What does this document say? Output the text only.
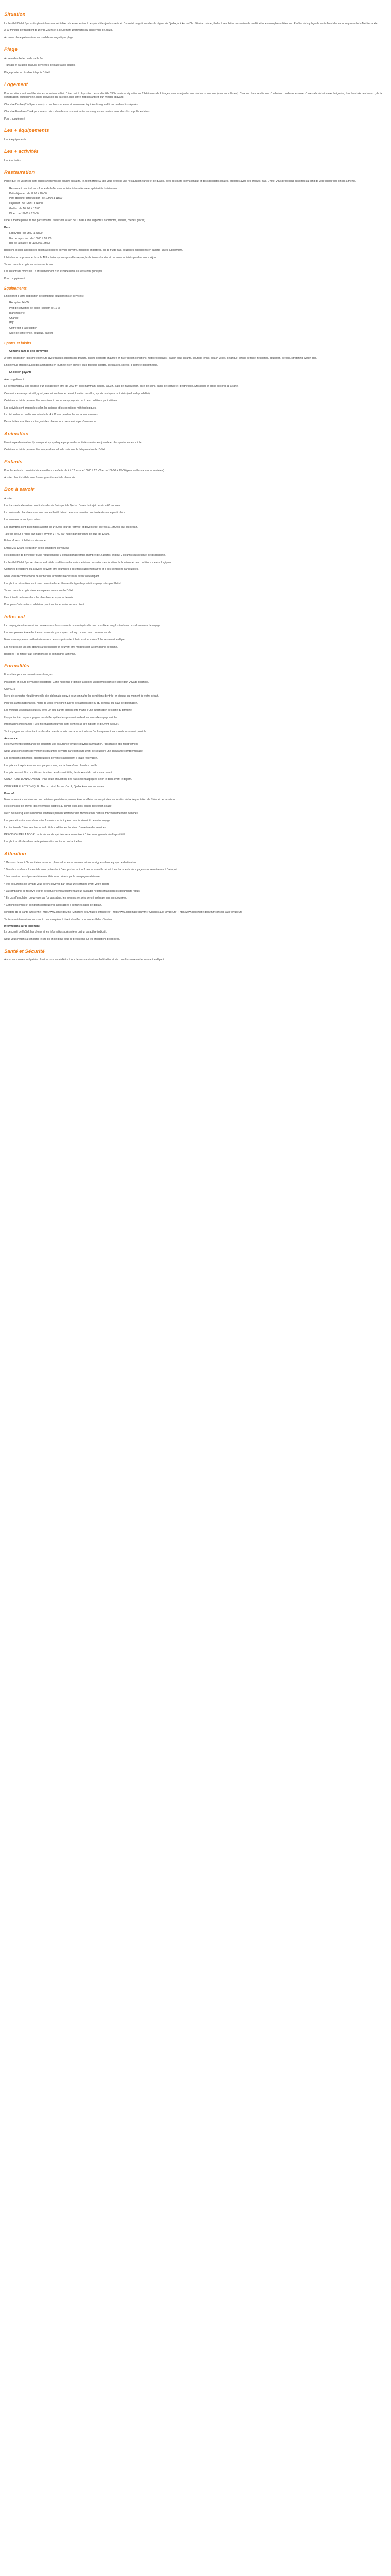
Situation

Le Zénith Hôtel & Spa est implanté dans une véritable palmeraie, entouré de splendides jardins verts et d'un relief magnifique dans la région de Djerba, à 4 km de l'île. Situé au calme, il offre à ses hôtes un service de qualité et une atmosphère détendue. Profitez de la plage de sable fin et des eaux turquoise de la Méditerranée.

À 60 minutes de transport de Djerba-Zarzis et à seulement 10 minutes du centre-ville de Zarzis.

Au coeur d'une palmeraie et au bord d'une magnifique plage.

Plage

Au sein d'un bel écrin de sable fin.

Transats et parasols gratuits, serviettes de plage avec caution.

Plage privée, accès direct depuis l'hôtel.

Logement

Pour un séjour en toute liberté et en toute tranquillité, l'hôtel met à disposition de sa clientèle 333 chambres réparties sur 2 bâtiments de 2 étages, avec vue jardin, vue piscine ou vue mer (avec supplément). Chaque chambre dispose d'un balcon ou d'une terrasse, d'une salle de bain avec baignoire, douche et sèche-cheveux, de la climatisation, du téléphone, d'une télévision par satellite, d'un coffre-fort (payant) et d'un minibar (payant).

Chambre Double (2 à 3 personnes) : chambre spacieuse et lumineuse, équipée d'un grand lit ou de deux lits séparés.

Chambre Familiale (2 à 4 personnes) : deux chambres communicantes ou une grande chambre avec deux lits supplémentaires.

Pour : supplément

Les + équipements

Les + équipements

Les + activités

Les + activités

Restauration

Parce que les vacances sont aussi synonymes de plaisirs gustatifs, le Zénith Hôtel & Spa vous propose une restauration variée et de qualité, avec des plats internationaux et des spécialités locales, préparés avec des produits frais. L'hôtel vous proposera aussi tout au long de votre séjour des dîners à thème.

• Restaurant principal sous forme de buffet avec cuisine internationale et spécialités tunisiennes
• Petit-déjeuner : de 7h00 à 10h00
• Petit-déjeuner tardif au bar : de 10h00 à 11h00
• Déjeuner : de 12h30 à 14h30
• Goûter : de 16h00 à 17h00
• Dîner : de 19h00 à 21h30

Dîner à thème plusieurs fois par semaine. Snack-bar ouvert de 10h00 à 18h00 (pizzas, sandwichs, salades, crêpes, glaces).

Bars

• Lobby Bar : de 9h00 à 23h00
• Bar de la piscine : de 10h00 à 18h00
• Bar de la plage : de 10h00 à 17h00

Boissons locales alcoolisées et non alcoolisées servies au verre. Boissons importées, jus de fruits frais, bouteilles et boissons en canette : avec supplément.

L'hôtel vous propose une formule All Inclusive qui comprend les repas, les boissons locales et certaines activités pendant votre séjour.

Tenue correcte exigée au restaurant le soir.

Les enfants de moins de 12 ans bénéficient d'un espace dédié au restaurant principal.

Pour : supplément

Équipements

L'hôtel met à votre disposition de nombreux équipements et services :

• Réception 24h/24
• Prêt de serviettes de plage (caution de 10 €)
• Blanchisserie
• Change
• WiFi
• Coffre-fort à la réception
• Salle de conférence, boutique, parking
Sports et loisirs
• Compris dans le prix du voyage

À votre disposition : piscine extérieure avec transats et parasols gratuits, piscine couverte chauffée en hiver (selon conditions météorologiques), bassin pour enfants, court de tennis, beach-volley, pétanque, tennis de table, fléchettes, aquagym, aérobic, stretching, water-polo.

L'hôtel vous propose aussi des animations en journée et en soirée : jeux, tournois sportifs, spectacles, soirées à thème et discothèque.

• En option payante

Avec supplément :

Le Zénith Hôtel & Spa dispose d'un espace bien-être de 2000 m² avec hammam, sauna, jacuzzi, salle de musculation, salle de soins, salon de coiffure et d'esthétique. Massages et soins du corps à la carte.

Centre équestre à proximité, quad, excursions dans le désert, location de vélos, sports nautiques motorisés (selon disponibilité).

Certaines activités peuvent être soumises à une tenue appropriée ou à des conditions particulières.

Les activités sont proposées selon les saisons et les conditions météorologiques.

Le club enfant accueille vos enfants de 4 à 12 ans pendant les vacances scolaires.

Des activités adaptées sont organisées chaque jour par une équipe d'animateurs.

Animation

Une équipe d'animation dynamique et sympathique propose des activités variées en journée et des spectacles en soirée.

Certaines activités peuvent être suspendues selon la saison et la fréquentation de l'hôtel.

Enfants

Pour les enfants : un mini-club accueille vos enfants de 4 à 12 ans de 10h00 à 12h00 et de 15h00 à 17h00 (pendant les vacances scolaires).

À noter : les lits bébés sont fournis gratuitement à la demande.

Bon à savoir

À noter :

Les transferts aller-retour sont inclus depuis l'aéroport de Djerba. Durée du trajet : environ 60 minutes.

Le nombre de chambres avec vue mer est limité. Merci de nous consulter pour toute demande particulière.

Les animaux ne sont pas admis.

Les chambres sont disponibles à partir de 14h00 le jour de l'arrivée et doivent être libérées à 12h00 le jour du départ.

Taxe de séjour à régler sur place : environ 3 TND par nuit et par personne de plus de 12 ans.

Enfant -2 ans : lit bébé sur demande

Enfant 2 à 12 ans : réduction selon conditions en vigueur

Il est possible de bénéficier d'une réduction pour 1 enfant partageant la chambre de 2 adultes, et pour 2 enfants sous réserve de disponibilité.

Le Zénith Hôtel & Spa se réserve le droit de modifier ou d'annuler certaines prestations en fonction de la saison et des conditions météorologiques.

Certaines prestations ou activités peuvent être soumises à des frais supplémentaires et à des conditions particulières.

Nous vous recommandons de vérifier les formalités nécessaires avant votre départ.

Les photos présentées sont non contractuelles et illustrent le type de prestations proposées par l'hôtel.

Tenue correcte exigée dans les espaces communs de l'hôtel.

Il est interdit de fumer dans les chambres et espaces fermés.

Pour plus d'informations, n'hésitez pas à contacter notre service client.

Infos vol

La compagnie aérienne et les horaires de vol vous seront communiqués dès que possible et au plus tard avec vos documents de voyage.

Les vols peuvent être effectués en avion de type moyen ou long courrier, avec ou sans escale.

Nous vous rappelons qu'il est nécessaire de vous présenter à l'aéroport au moins 2 heures avant le départ.

Les horaires de vol sont donnés à titre indicatif et peuvent être modifiés par la compagnie aérienne.

Bagages : se référer aux conditions de la compagnie aérienne.

Formalités

Formalités pour les ressortissants français :

Passeport en cours de validité obligatoire. Carte nationale d'identité acceptée uniquement dans le cadre d'un voyage organisé.

COVID19

Merci de consulter régulièrement le site diplomatie.gouv.fr pour connaître les conditions d'entrée en vigueur au moment de votre départ.

Pour les autres nationalités, merci de vous renseigner auprès de l'ambassade ou du consulat du pays de destination.

Les mineurs voyageant seuls ou avec un seul parent doivent être munis d'une autorisation de sortie du territoire.

Il appartient à chaque voyageur de vérifier qu'il est en possession de documents de voyage valides.

Informations importantes : Les informations fournies sont données à titre indicatif et peuvent évoluer.

Tout voyageur ne présentant pas les documents requis pourra se voir refuser l'embarquement sans remboursement possible.

Assurance

Il est vivement recommandé de souscrire une assurance voyage couvrant l'annulation, l'assistance et le rapatriement.

Nous vous conseillons de vérifier les garanties de votre carte bancaire avant de souscrire une assurance complémentaire.

Les conditions générales et particulières de vente s'appliquent à toute réservation.

Les prix sont exprimés en euros, par personne, sur la base d'une chambre double.

Les prix peuvent être modifiés en fonction des disponibilités, des taxes et du coût du carburant.

CONDITIONS D'ANNULATION : Pour toute annulation, des frais seront appliqués selon le délai avant le départ.

COURRIER ELECTRONIQUE : Djerba Hôtel, Tozeur Cap 2, Djerba Avec vos vacances.

Pour info

Nous tenons à vous informer que certaines prestations peuvent être modifiées ou supprimées en fonction de la fréquentation de l'hôtel et de la saison.

Il est conseillé de prévoir des vêtements adaptés au climat local ainsi qu'une protection solaire.

Merci de noter que les conditions sanitaires peuvent entraîner des modifications dans le fonctionnement des services.

Les prestations incluses dans votre formule sont indiquées dans le descriptif de votre voyage.

La direction de l'hôtel se réserve le droit de modifier les horaires d'ouverture des services.

PRÉCISION DE LA BOOK : toute demande spéciale sera transmise à l'hôtel sans garantie de disponibilité.

Les photos utilisées dans cette présentation sont non contractuelles.

Attention

* Mesures de contrôle sanitaires mises en place selon les recommandations en vigueur dans le pays de destination.

* Dans le cas d'un vol, merci de vous présenter à l'aéroport au moins 3 heures avant le départ. Les documents de voyage vous seront remis à l'aéroport.

* Les horaires de vol peuvent être modifiés sans préavis par la compagnie aérienne.

* Vos documents de voyage vous seront envoyés par email une semaine avant votre départ.

* La compagnie se réserve le droit de refuser l'embarquement à tout passager ne présentant pas les documents requis.

* En cas d'annulation du voyage par l'organisateur, les sommes versées seront intégralement remboursées.

* Contingentement et conditions particulières applicables à certaines dates de départ.

Ministère de la Santé tunisienne : http://www.santé.gov.tn | "Ministère des Affaires étrangères" : http://www.diplomatie.gouv.fr | "Conseils aux voyageurs" : http://www.diplomatie.gouv.fr/fr/conseils-aux-voyageurs

Toutes ces informations vous sont communiquées à titre indicatif et sont susceptibles d'évoluer.

Informations sur le logement

Le descriptif de l'hôtel, les photos et les informations présentées ont un caractère indicatif.

Nous vous invitons à consulter le site de l'hôtel pour plus de précisions sur les prestations proposées.

Santé et Sécurité

Aucun vaccin n'est obligatoire. Il est recommandé d'être à jour de ses vaccinations habituelles et de consulter votre médecin avant le départ.
